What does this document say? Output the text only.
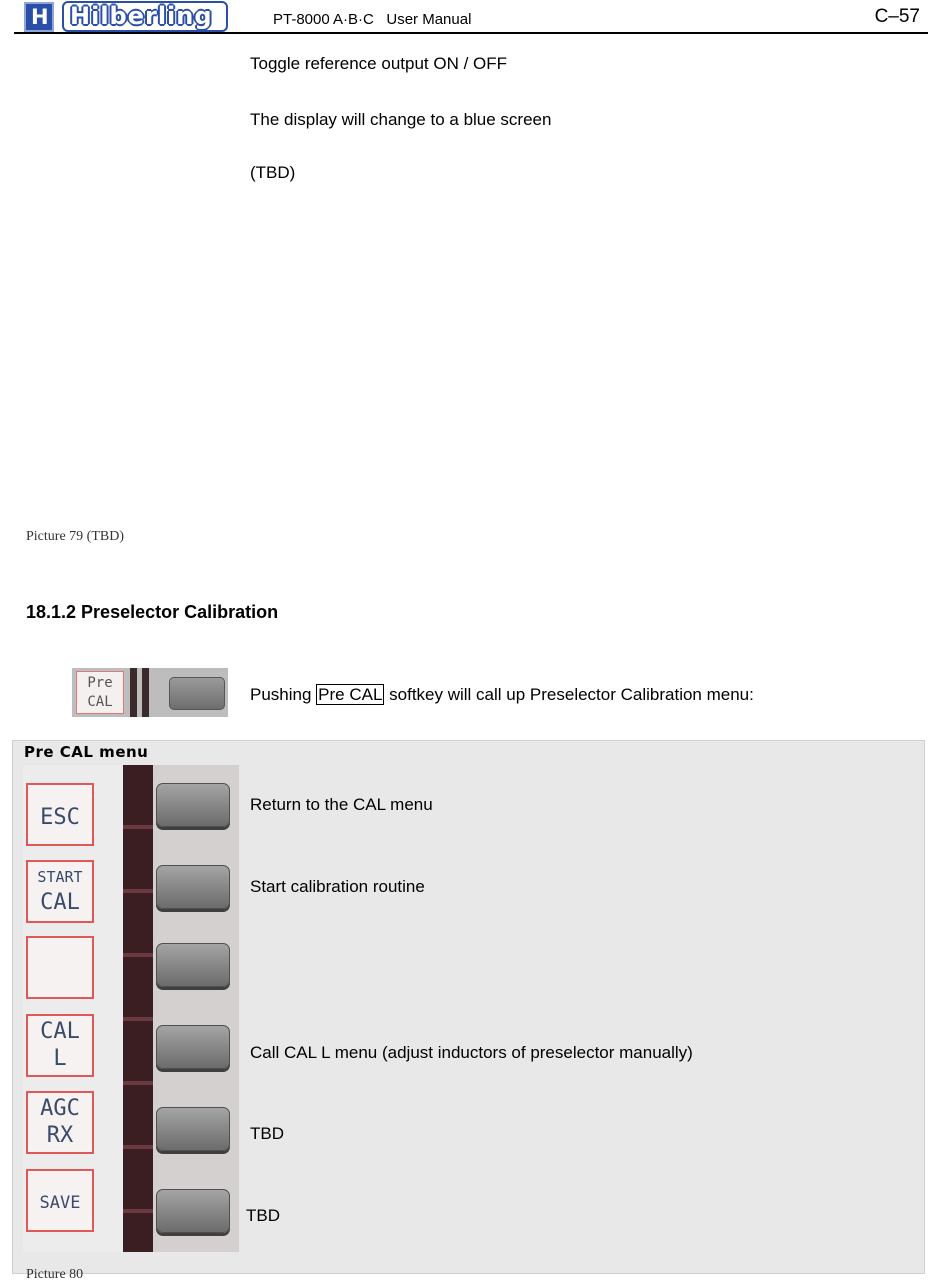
H Hilberling	PT-8000 A·B·C   User Manual	C–57
Toggle reference output ON / OFF
The display will change to a blue screen
(TBD)
Picture 79 (TBD)
18.1.2 Preselector Calibration
Pre
CAL	Pushing Pre CAL softkey will call up Preselector Calibration menu:
Pre CAL menu
ESC
START
CAL
CAL
L
AGC
RX
SAVE
Return to the CAL menu
Start calibration routine
Call CAL L menu (adjust inductors of preselector manually)
TBD
TBD
Picture 80
